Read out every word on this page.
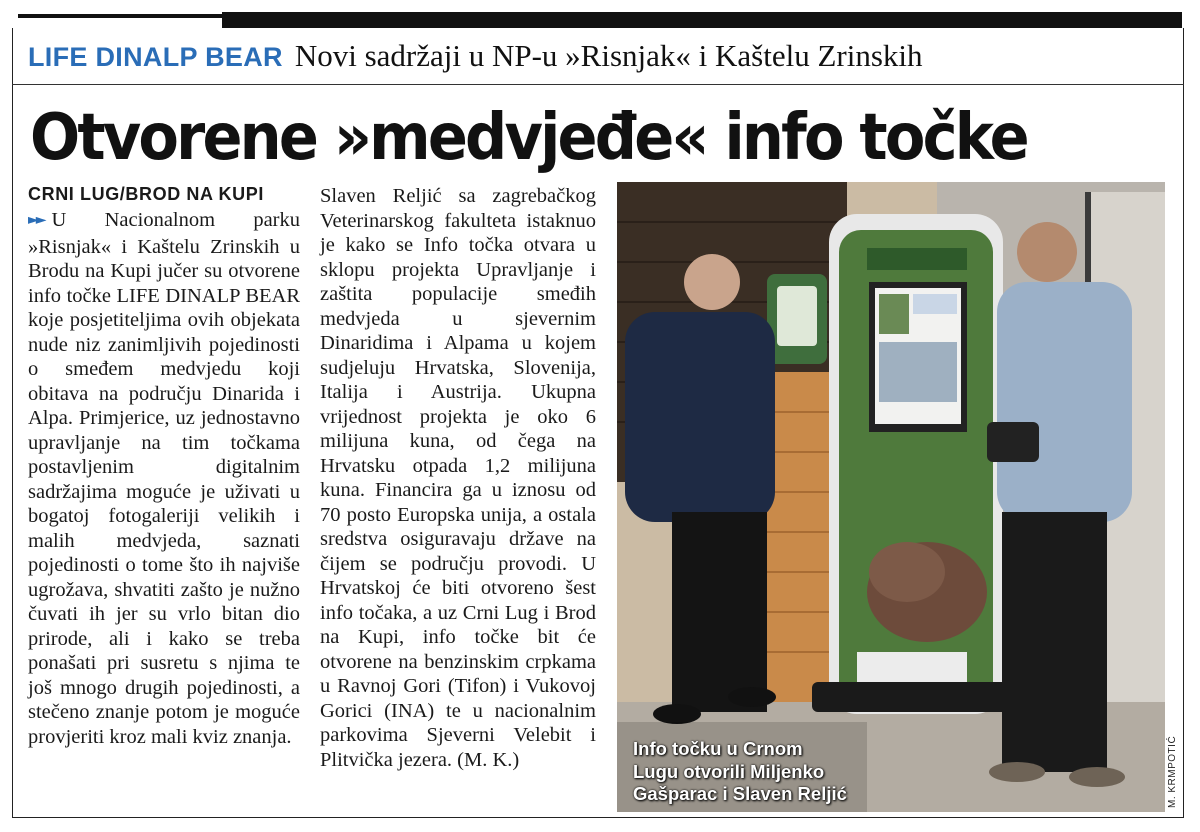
LIFE DINALP BEAR Novi sadržaji u NP-u »Risnjak« i Kaštelu Zrinskih
Otvorene »medvjeđe« info točke
CRNI LUG/BROD NA KUPI
►► U Nacionalnom parku »Risnjak« i Kaštelu Zrinskih u Brodu na Kupi jučer su otvorene info točke LIFE DINALP BEAR koje posjetiteljima ovih objekata nude niz zanimljivih pojedinosti o smeđem medvjedu koji obitava na području Dinarida i Alpa. Primjerice, uz jednostavno upravljanje na tim točkama postavljenim digitalnim sadržajima moguće je uživati u bogatoj fotogaleriji velikih i malih medvjeda, saznati pojedinosti o tome što ih najviše ugrožava, shvatiti zašto je nužno čuvati ih jer su vrlo bitan dio prirode, ali i kako se treba ponašati pri susretu s njima te još mnogo drugih pojedinosti, a stečeno znanje potom je moguće provjeriti kroz mali kviz znanja.
Slaven Reljić sa zagrebačkog Veterinarskog fakulteta istaknuo je kako se Info točka otvara u sklopu projekta Upravljanje i zaštita populacije smeđih medvjeda u sjevernim Dinaridima i Alpama u kojem sudjeluju Hrvatska, Slovenija, Italija i Austrija. Ukupna vrijednost projekta je oko 6 milijuna kuna, od čega na Hrvatsku otpada 1,2 milijuna kuna. Financira ga u iznosu od 70 posto Europska unija, a ostala sredstva osiguravaju države na čijem se području provodi. U Hrvatskoj će biti otvoreno šest info točaka, a uz Crni Lug i Brod na Kupi, info točke bit će otvorene na benzinskim crpkama u Ravnoj Gori (Tifon) i Vukovoj Gorici (INA) te u nacionalnim parkovima Sjeverni Velebit i Plitvička jezera. (M. K.)	Info točku u Crnom
Lugu otvorili Miljenko
Gašparac i Slaven Reljić	M. KRMPOTIĆ
